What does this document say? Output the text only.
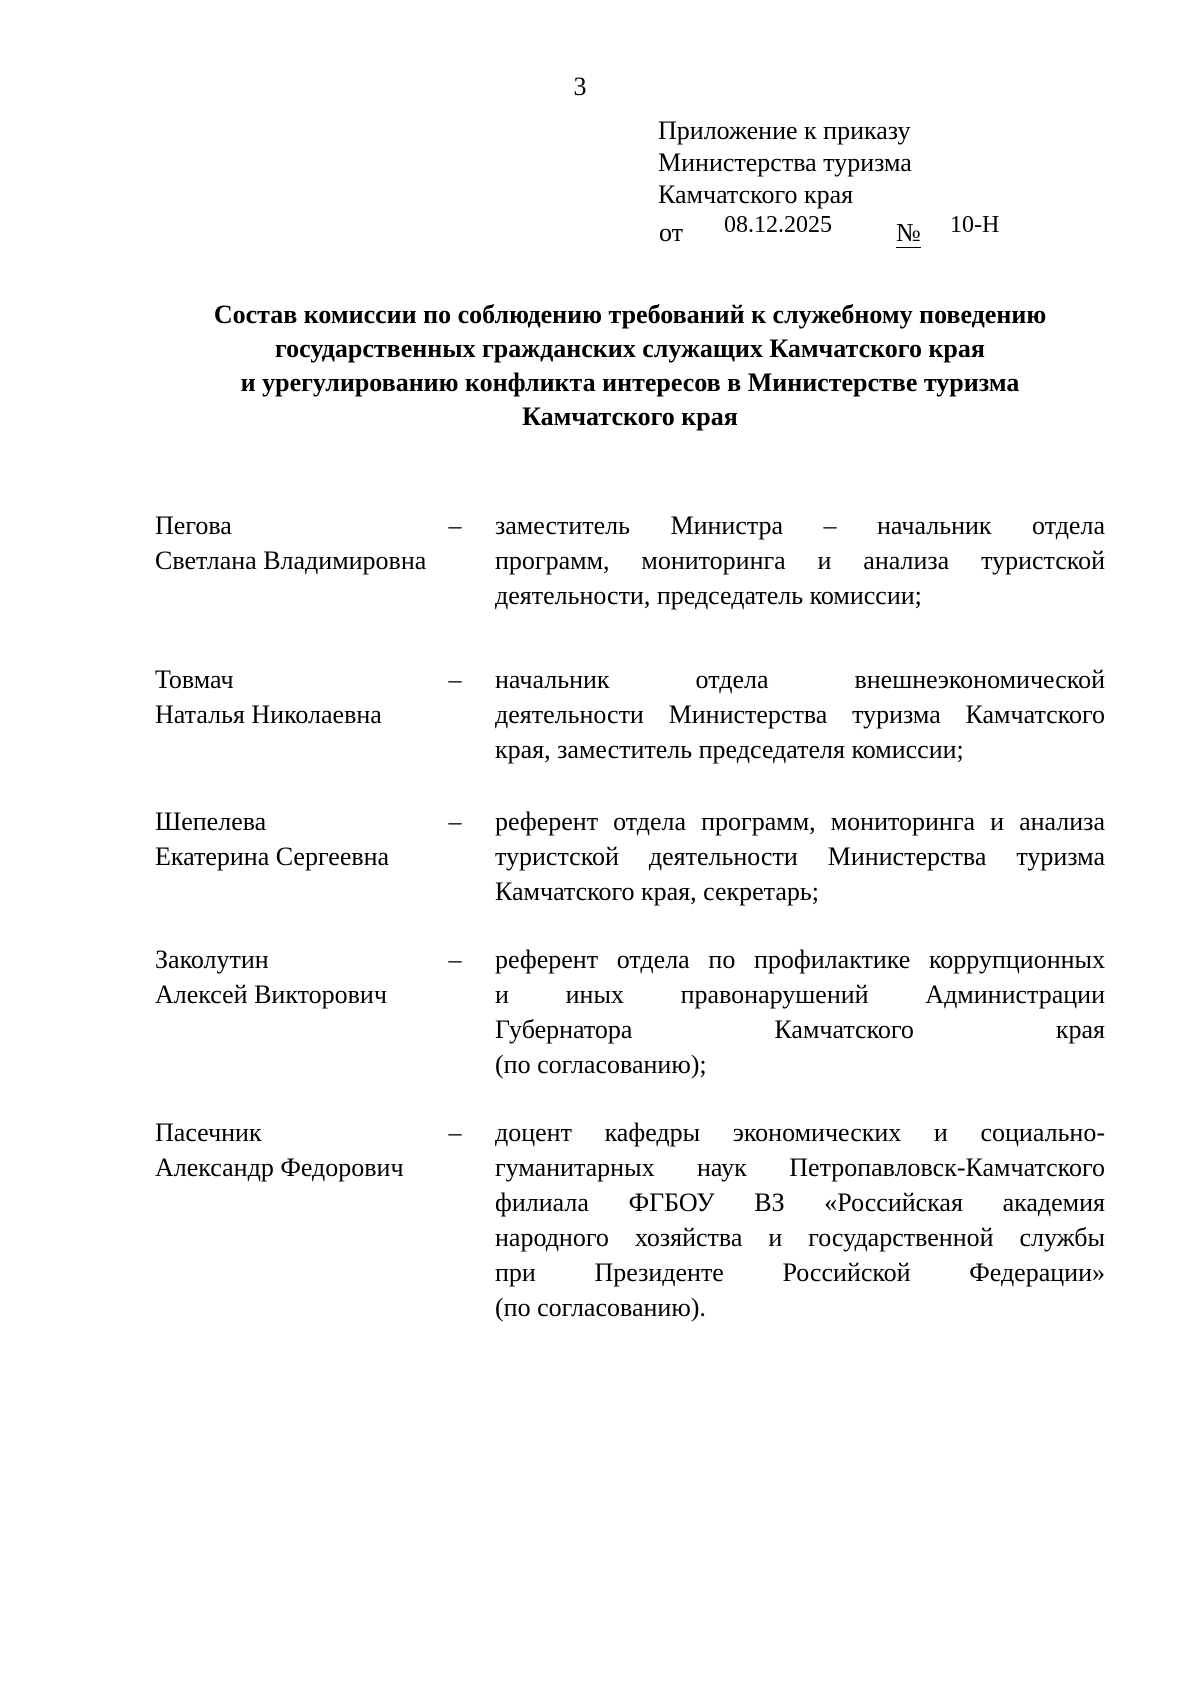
3
Приложение к приказу
Министерства туризма
Камчатского края
от 08.12.2025 № 10-Н
Состав комиссии по соблюдению требований к служебному поведению
государственных гражданских служащих Камчатского края
и урегулированию конфликта интересов в Министерстве туризма
Камчатского края
Пегова
Светлана Владимировна
–	заместитель Министра – начальник отдела
программ, мониторинга и анализа туристской
деятельности, председатель комиссии;
Товмач
Наталья Николаевна
–	начальник отдела внешнеэкономической
деятельности Министерства туризма Камчатского
края, заместитель председателя комиссии;
Шепелева
Екатерина Сергеевна
–	референт отдела программ, мониторинга и анализа
туристской деятельности Министерства туризма
Камчатского края, секретарь;
Заколутин
Алексей Викторович
–	референт отдела по профилактике коррупционных
и иных правонарушений Администрации
Губернатора Камчатского края
(по согласованию);
Пасечник
Александр Федорович
–	доцент кафедры экономических и социально-
гуманитарных наук Петропавловск-Камчатского
филиала ФГБОУ ВЗ «Российская академия
народного хозяйства и государственной службы
при Президенте Российской Федерации»
(по согласованию).
